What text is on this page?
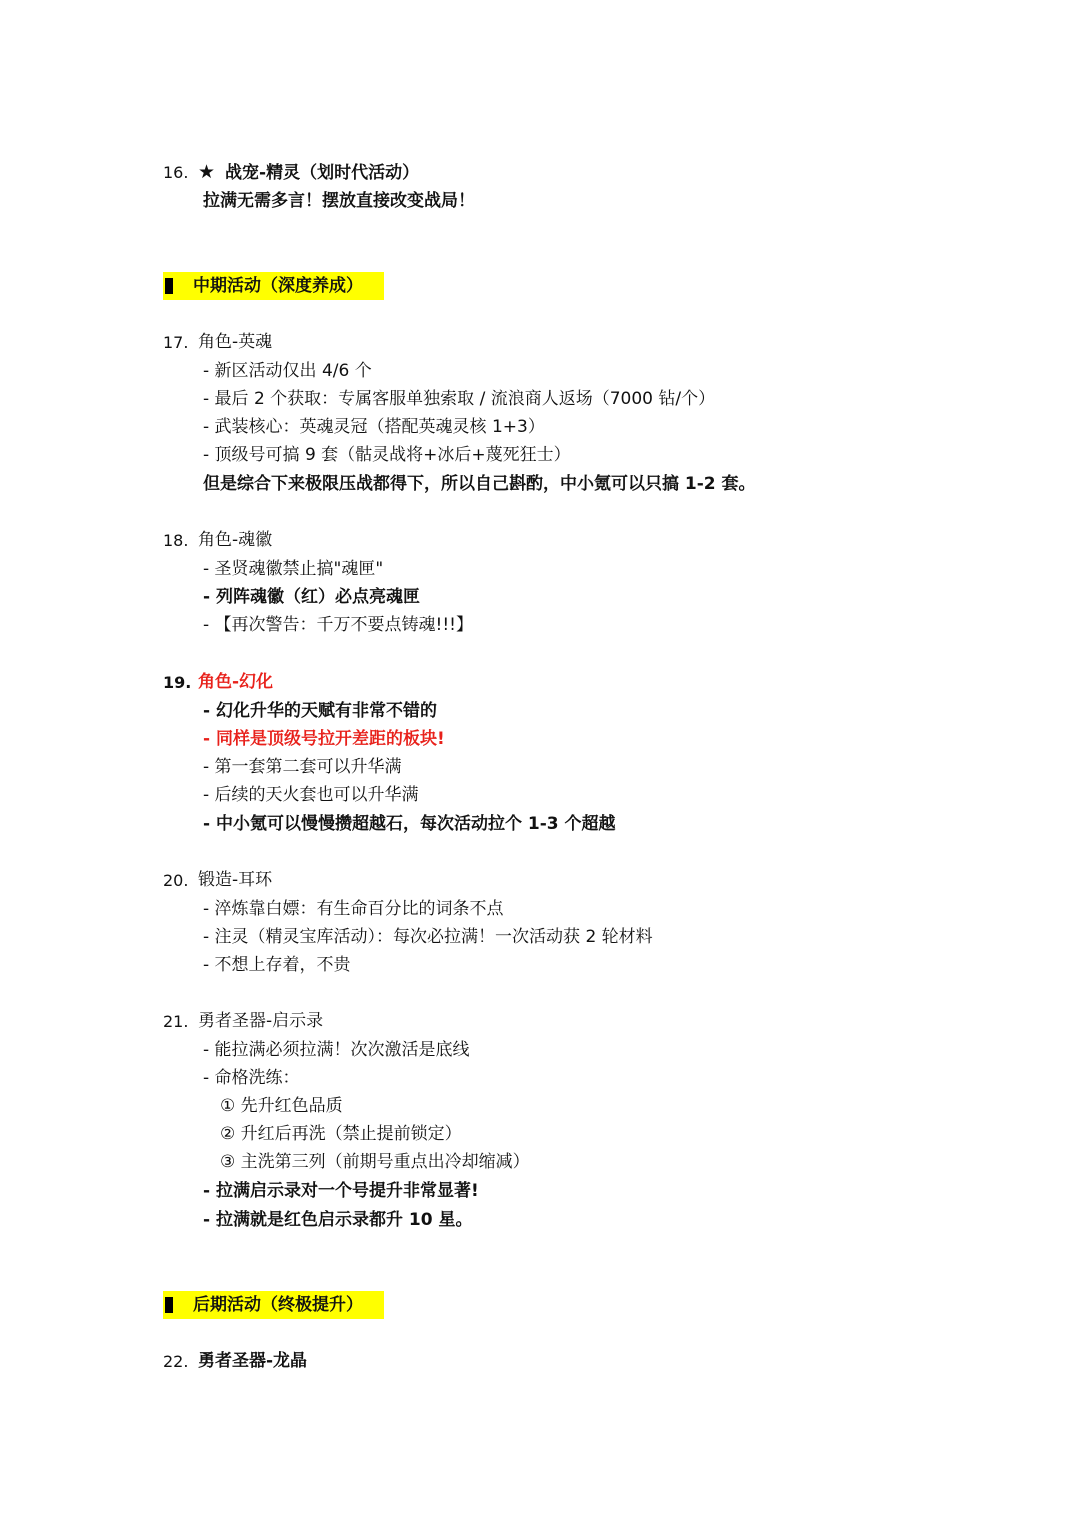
16. ★ 战宠-精灵（划时代活动）
拉满无需多言！摆放直接改变战局！
中期活动（深度养成）
17. 角色-英魂
- 新区活动仅出 4/6 个
- 最后 2 个获取：专属客服单独索取 / 流浪商人返场（7000 钻/个）
- 武装核心：英魂灵冠（搭配英魂灵核 1+3）
- 顶级号可搞 9 套（骷灵战将+冰后+蔑死狂士）
但是综合下来极限压战都得下，所以自己斟酌，中小氪可以只搞 1-2 套。
18. 角色-魂徽
- 圣贤魂徽禁止搞"魂匣"
- 列阵魂徽（红）必点亮魂匣
- 【再次警告：千万不要点铸魂!!!】
19. 角色-幻化
- 幻化升华的天赋有非常不错的
- 同样是顶级号拉开差距的板块!
- 第一套第二套可以升华满
- 后续的天火套也可以升华满
- 中小氪可以慢慢攒超越石，每次活动拉个 1-3 个超越
20. 锻造-耳环
- 淬炼靠白嫖：有生命百分比的词条不点
- 注灵（精灵宝库活动）：每次必拉满！一次活动获 2 轮材料
- 不想上存着，不贵
21. 勇者圣器-启示录
- 能拉满必须拉满！次次激活是底线
- 命格洗练：
① 先升红色品质
② 升红后再洗（禁止提前锁定）
③ 主洗第三列（前期号重点出冷却缩减）
- 拉满启示录对一个号提升非常显著!
- 拉满就是红色启示录都升 10 星。
后期活动（终极提升）
22. 勇者圣器-龙晶
